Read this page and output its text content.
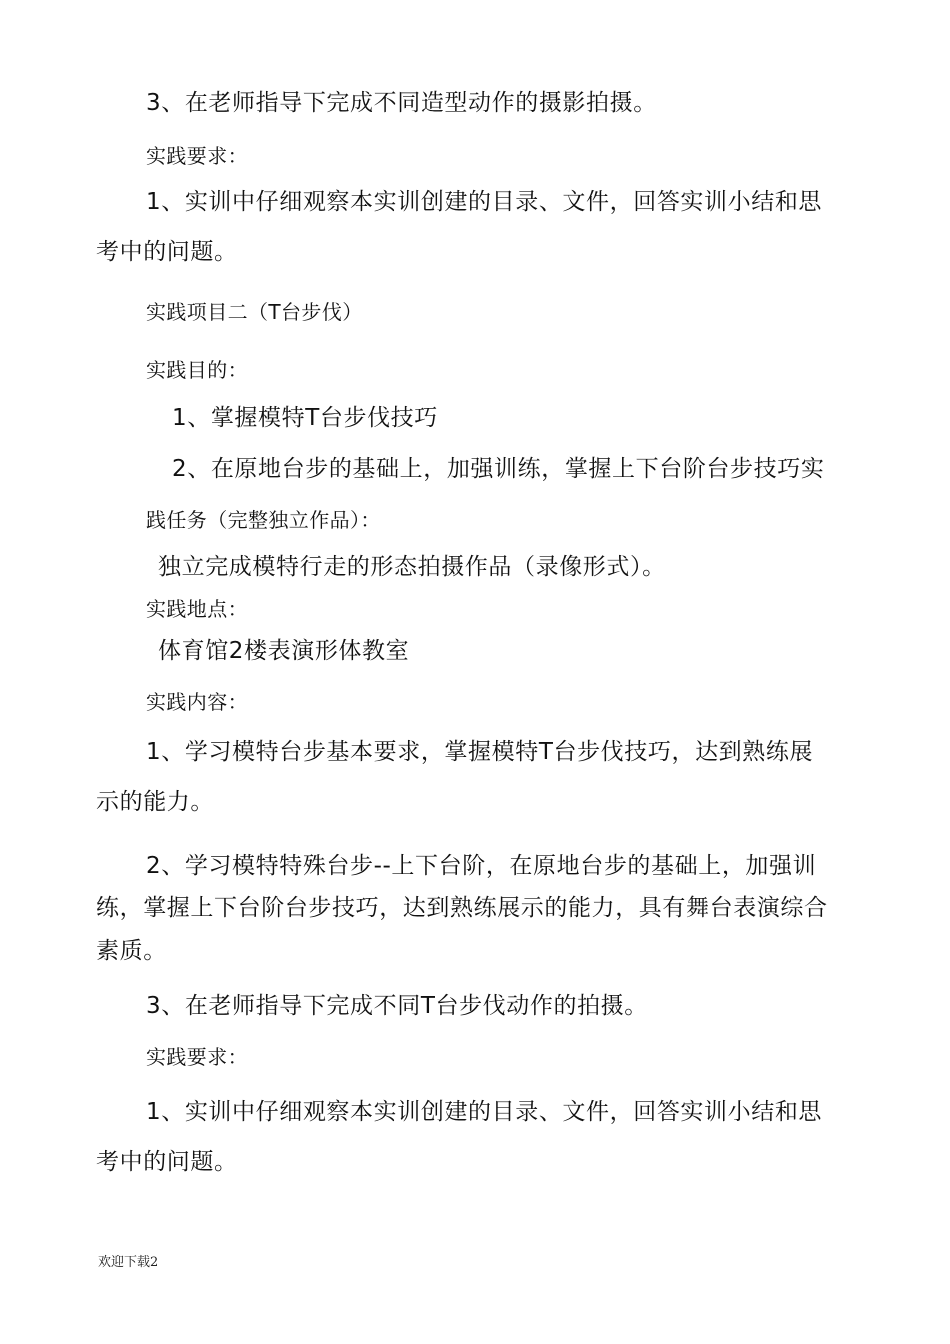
3、在老师指导下完成不同造型动作的摄影拍摄。
实践要求：
1、实训中仔细观察本实训创建的目录、文件，回答实训小结和思
考中的问题。
实践项目二（T台步伐）
实践目的：
1、掌握模特T台步伐技巧
2、在原地台步的基础上，加强训练，掌握上下台阶台步技巧实
践任务（完整独立作品）：
独立完成模特行走的形态拍摄作品（录像形式）。
实践地点：
体育馆2楼表演形体教室
实践内容：
1、学习模特台步基本要求，掌握模特T台步伐技巧，达到熟练展
示的能力。
2、学习模特特殊台步--上下台阶，在原地台步的基础上，加强训
练，掌握上下台阶台步技巧，达到熟练展示的能力，具有舞台表演综合
素质。
3、在老师指导下完成不同T台步伐动作的拍摄。
实践要求：
1、实训中仔细观察本实训创建的目录、文件，回答实训小结和思
考中的问题。
欢迎下载2
